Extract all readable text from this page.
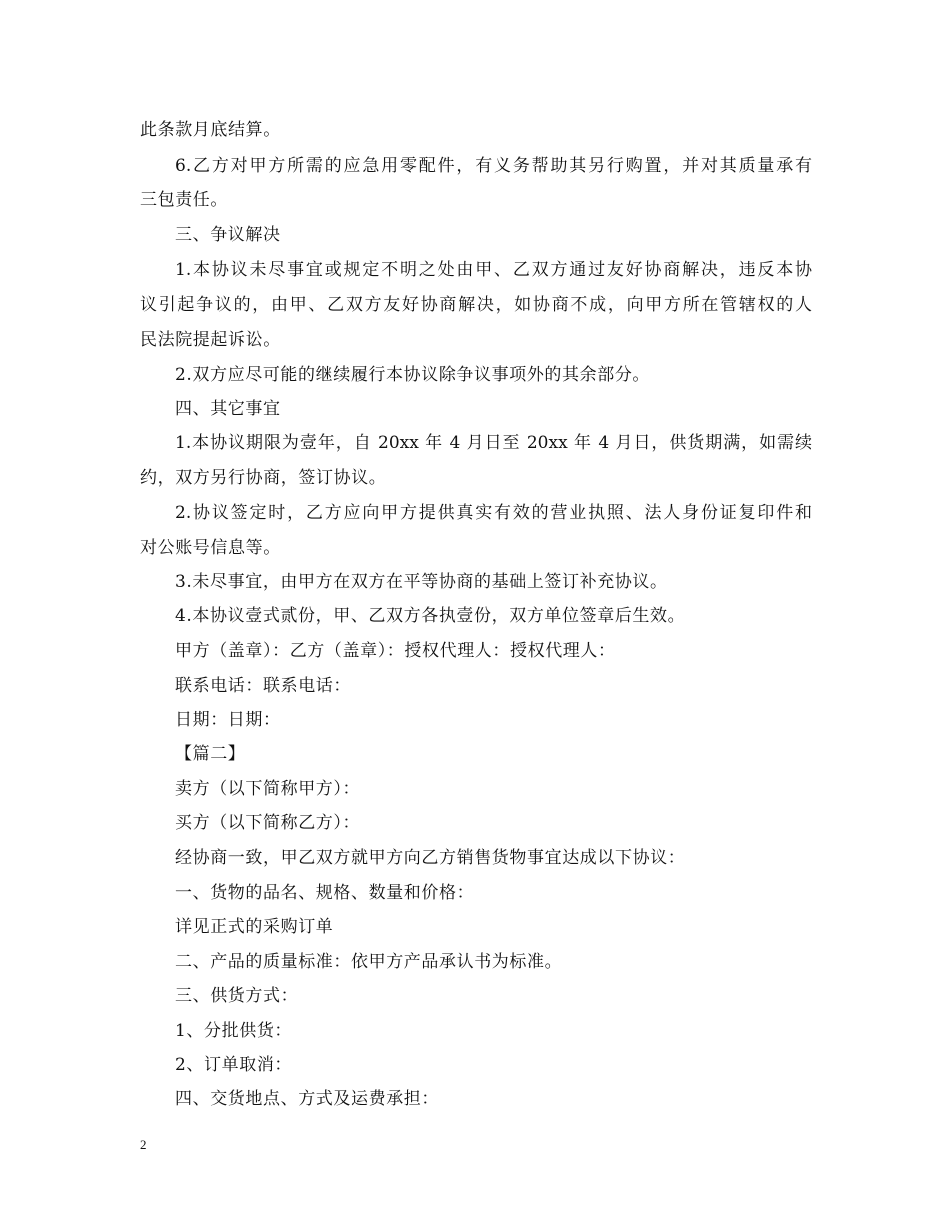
此条款月底结算。
6.乙方对甲方所需的应急用零配件，有义务帮助其另行购置，并对其质量承有
三包责任。
三、争议解决
1.本协议未尽事宜或规定不明之处由甲、乙双方通过友好协商解决，违反本协
议引起争议的，由甲、乙双方友好协商解决，如协商不成，向甲方所在管辖权的人
民法院提起诉讼。
2.双方应尽可能的继续履行本协议除争议事项外的其余部分。
四、其它事宜
1.本协议期限为壹年，自 20xx 年 4 月日至 20xx 年 4 月日，供货期满，如需续
约，双方另行协商，签订协议。
2.协议签定时，乙方应向甲方提供真实有效的营业执照、法人身份证复印件和
对公账号信息等。
3.未尽事宜，由甲方在双方在平等协商的基础上签订补充协议。
4.本协议壹式贰份，甲、乙双方各执壹份，双方单位签章后生效。
甲方（盖章）：乙方（盖章）：授权代理人：授权代理人：
联系电话：联系电话：
日期：日期：
【篇二】
卖方（以下简称甲方）：
买方（以下简称乙方）：
经协商一致，甲乙双方就甲方向乙方销售货物事宜达成以下协议：
一、货物的品名、规格、数量和价格：
详见正式的采购订单
二、产品的质量标准：依甲方产品承认书为标准。
三、供货方式：
1、分批供货：
2、订单取消：
四、交货地点、方式及运费承担：
2
